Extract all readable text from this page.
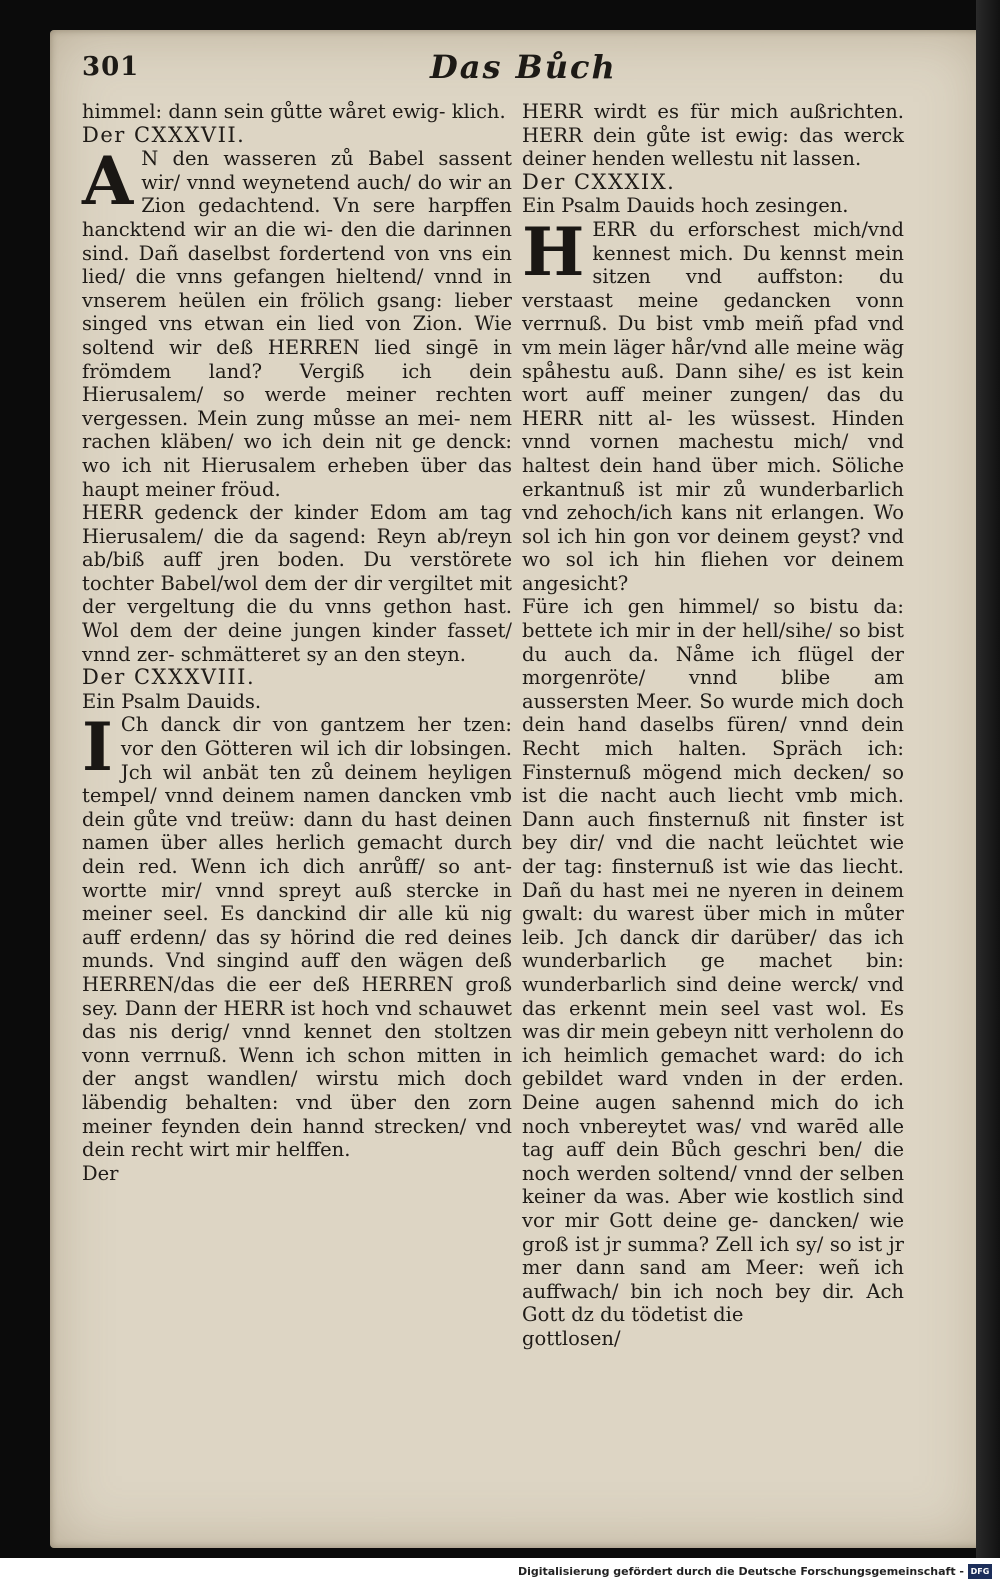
301	Das Bůch

himmel: dann sein gůtte wåret ewig- klich.

Der CXXXVII.

A N den wasseren zů Babel sassent wir/ vnnd weynetend auch/ do wir an Zion gedachtend. Vn sere harpffen hancktend wir an die wi- den die darinnen sind. Dañ daselbst fordertend von vns ein lied/ die vnns gefangen hieltend/ vnnd in vnserem heülen ein frölich gsang: lieber singed vns etwan ein lied von Zion. Wie soltend wir deß HERREN lied singē in frömdem land? Vergiß ich dein Hierusalem/ so werde meiner rechten vergessen. Mein zung můsse an mei- nem rachen kläben/ wo ich dein nit ge denck: wo ich nit Hierusalem erheben über das haupt meiner fröud.

HERR gedenck der kinder Edom am tag Hierusalem/ die da sagend: Reyn ab/reyn ab/biß auff jren boden. Du verstörete tochter Babel/wol dem der dir vergiltet mit der vergeltung die du vnns gethon hast. Wol dem der deine jungen kinder fasset/ vnnd zer- schmätteret sy an den steyn.

Der CXXXVIII.

Ein Psalm Dauids.

I Ch danck dir von gantzem her tzen: vor den Götteren wil ich dir lobsingen. Jch wil anbät ten zů deinem heyligen tempel/ vnnd deinem namen dancken vmb dein gůte vnd treüw: dann du hast deinen namen über alles herlich gemacht durch dein red. Wenn ich dich anrůff/ so ant- wortte mir/ vnnd spreyt auß stercke in meiner seel. Es danckind dir alle kü nig auff erdenn/ das sy hörind die red deines munds. Vnd singind auff den wägen deß HERREN/das die eer deß HERREN groß sey. Dann der HERR ist hoch vnd schauwet das nis derig/ vnnd kennet den stoltzen vonn verrnuß. Wenn ich schon mitten in der angst wandlen/ wirstu mich doch läbendig behalten: vnd über den zorn meiner feynden dein hannd strecken/ vnd dein recht wirt mir helffen.

Der

HERR wirdt es für mich außrichten. HERR dein gůte ist ewig: das werck deiner henden wellestu nit lassen.

Der CXXXIX.

Ein Psalm Dauids hoch zesingen.

HERR du erforschest mich/vnd kennest mich. Du kennst mein sitzen vnd auffston: du verstaast meine gedancken vonn verrnuß. Du bist vmb meiñ pfad vnd vm mein läger hår/vnd alle meine wäg spåhestu auß. Dann sihe/ es ist kein wort auff meiner zungen/ das du HERR nitt al- les wüssest. Hinden vnnd vornen machestu mich/ vnd haltest dein hand über mich. Söliche erkantnuß ist mir zů wunderbarlich vnd zehoch/ich kans nit erlangen. Wo sol ich hin gon vor deinem geyst? vnd wo sol ich hin fliehen vor deinem angesicht?

Füre ich gen himmel/ so bistu da: bettete ich mir in der hell/sihe/ so bist du auch da. Nåme ich flügel der morgenröte/ vnnd blibe am aussersten Meer. So wurde mich doch dein hand daselbs füren/ vnnd dein Recht mich halten. Spräch ich: Finsternuß mögend mich decken/ so ist die nacht auch liecht vmb mich. Dann auch finsternuß nit finster ist bey dir/ vnd die nacht leüchtet wie der tag: finsternuß ist wie das liecht. Dañ du hast mei ne nyeren in deinem gwalt: du warest über mich in můter leib. Jch danck dir darüber/ das ich wunderbarlich ge machet bin: wunderbarlich sind deine werck/ vnd das erkennt mein seel vast wol. Es was dir mein gebeyn nitt verholenn do ich heimlich gemachet ward: do ich gebildet ward vnden in der erden. Deine augen sahennd mich do ich noch vnbereytet was/ vnd warēd alle tag auff dein Bůch geschri ben/ die noch werden soltend/ vnnd der selben keiner da was. Aber wie kostlich sind vor mir Gott deine ge- dancken/ wie groß ist jr summa? Zell ich sy/ so ist jr mer dann sand am Meer: weñ ich auffwach/ bin ich noch bey dir. Ach Gott dz du tödetist die

gottlosen/

Digitalisierung gefördert durch die Deutsche Forschungsgemeinschaft - DFG
